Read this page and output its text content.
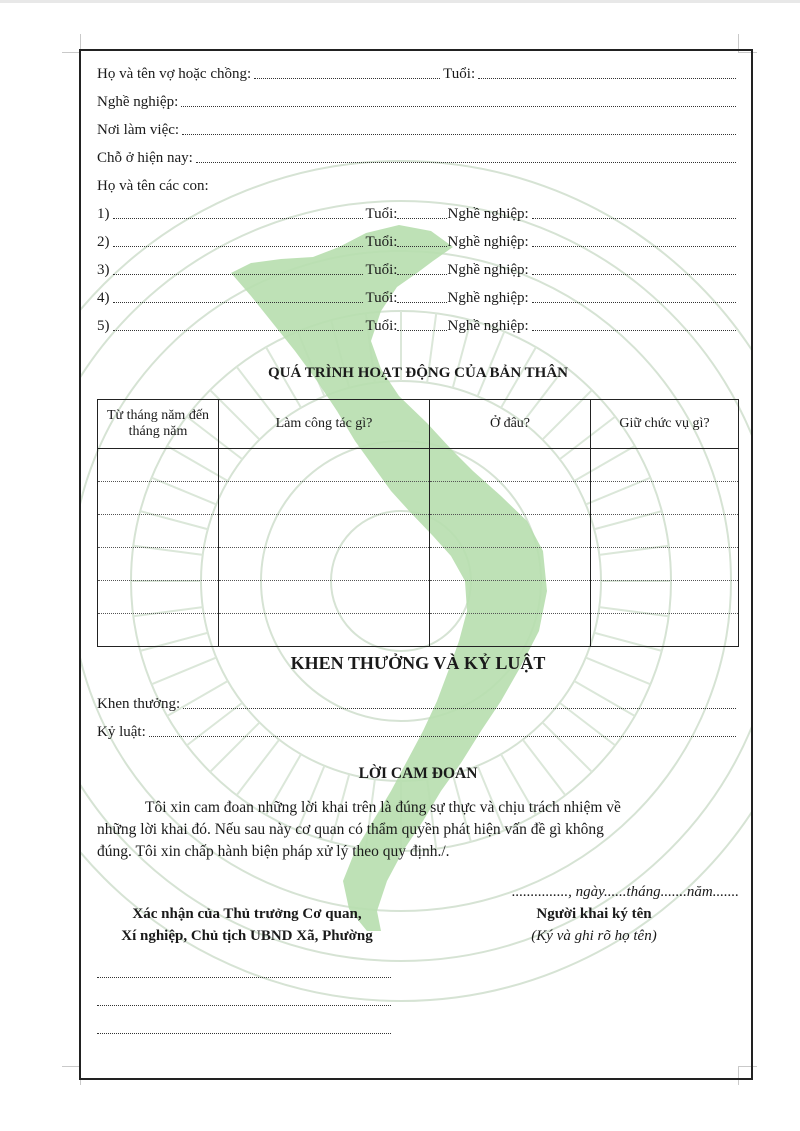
Họ và tên vợ hoặc chồng:	Tuổi:
Nghề nghiệp:
Nơi làm việc:
Chỗ ở hiện nay:
Họ và tên các con:
1)	Tuổi:	Nghề nghiệp:
2)	Tuổi:	Nghề nghiệp:
3)	Tuổi:	Nghề nghiệp:
4)	Tuổi:	Nghề nghiệp:
5)	Tuổi:	Nghề nghiệp:
QUÁ TRÌNH HOẠT ĐỘNG CỦA BẢN THÂN
Từ tháng năm đến tháng năm	Làm công tác gì?	Ở đâu?	Giữ chức vụ gì?

KHEN THƯỞNG VÀ KỶ LUẬT
Khen thưởng:
Kỷ luật:
LỜI CAM ĐOAN
Tôi xin cam đoan những lời khai trên là đúng sự thực và chịu trách nhiệm về
những lời khai đó. Nếu sau này cơ quan có thẩm quyền phát hiện vấn đề gì không
đúng. Tôi xin chấp hành biện pháp xử lý theo quy định./.
..............., ngày......tháng.......năm.......
Người khai ký tên
(Ký và ghi rõ họ tên)
Xác nhận của Thủ trưởng Cơ quan,
Xí nghiệp, Chủ tịch UBND Xã, Phường
